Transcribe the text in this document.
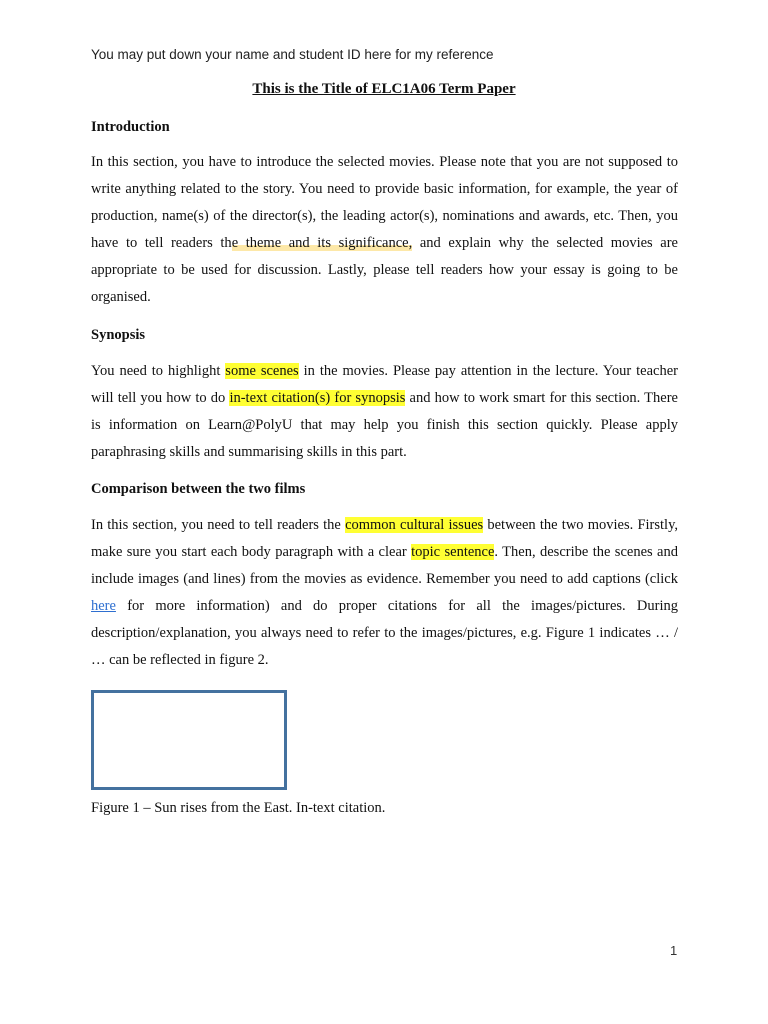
You may put down your name and student ID here for my reference
This is the Title of ELC1A06 Term Paper
Introduction
In this section, you have to introduce the selected movies. Please note that you are not supposed to write anything related to the story. You need to provide basic information, for example, the year of production, name(s) of the director(s), the leading actor(s), nominations and awards, etc. Then, you have to tell readers the theme and its significance, and explain why the selected movies are appropriate to be used for discussion. Lastly, please tell readers how your essay is going to be organised.
Synopsis
You need to highlight some scenes in the movies. Please pay attention in the lecture. Your teacher will tell you how to do in-text citation(s) for synopsis and how to work smart for this section. There is information on Learn@PolyU that may help you finish this section quickly. Please apply paraphrasing skills and summarising skills in this part.
Comparison between the two films
In this section, you need to tell readers the common cultural issues between the two movies. Firstly, make sure you start each body paragraph with a clear topic sentence. Then, describe the scenes and include images (and lines) from the movies as evidence. Remember you need to add captions (click here for more information) and do proper citations for all the images/pictures. During description/explanation, you always need to refer to the images/pictures, e.g. Figure 1 indicates … / … can be reflected in figure 2.
Figure 1 – Sun rises from the East. In-text citation.
1
